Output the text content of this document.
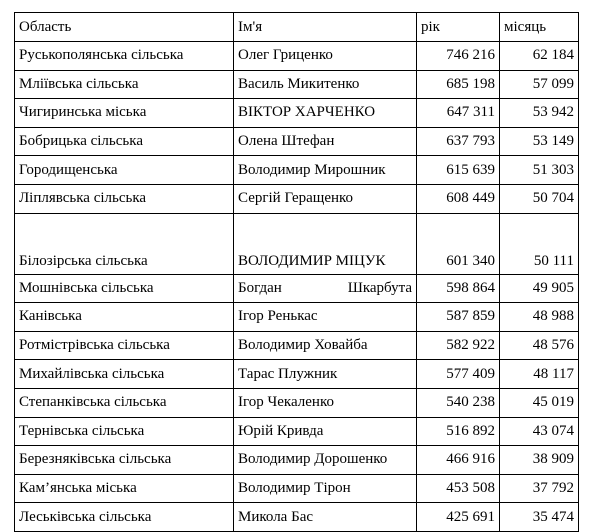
Область	Ім'я	рік	місяць
Руськополянська сільська	Олег Гриценко	746 216	62 184
Мліївська сільська	Василь Микитенко	685 198	57 099
Чигиринська міська	ВІКТОР ХАРЧЕНКО	647 311	53 942
Бобрицька сільська	Олена Штефан	637 793	53 149
Городищенська	Володимир Мирошник	615 639	51 303
Ліплявська сільська	Сергій Геращенко	608 449	50 704
Білозірська сільська	ВОЛОДИМИР МІЦУК	601 340	50 111
Мошнівська сільська	Богдан Шкарбута	598 864	49 905
Канівська	Ігор Ренькас	587 859	48 988
Ротмістрівська сільська	Володимир Ховайба	582 922	48 576
Михайлівська сільська	Тарас Плужник	577 409	48 117
Степанківська сільська	Ігор Чекаленко	540 238	45 019
Тернівська сільська	Юрій Кривда	516 892	43 074
Березняківська сільська	Володимир Дорошенко	466 916	38 909
Кам’янська міська	Володимир Тірон	453 508	37 792
Леськівська сільська	Микола Бас	425 691	35 474
